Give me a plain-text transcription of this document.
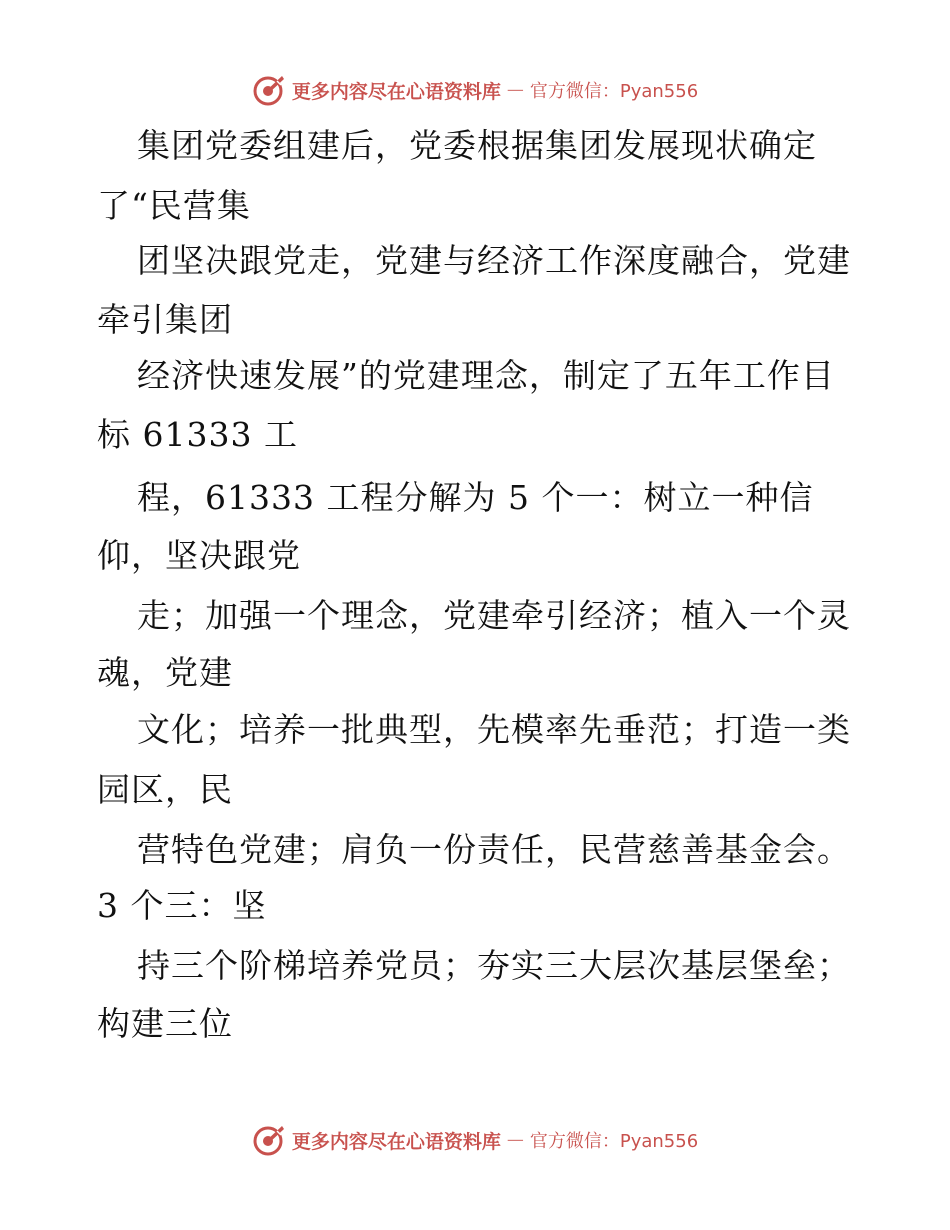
更多内容尽在心语资料库 — 官方微信：Pyan556
集团党委组建后，党委根据集团发展现状确定
了“民营集
团坚决跟党走，党建与经济工作深度融合，党建
牵引集团
经济快速发展”的党建理念，制定了五年工作目
标 61333 工
程，61333 工程分解为 5 个一：树立一种信
仰，坚决跟党
走；加强一个理念，党建牵引经济；植入一个灵
魂，党建
文化；培养一批典型，先模率先垂范；打造一类
园区，民
营特色党建；肩负一份责任，民营慈善基金会。
3 个三：坚
持三个阶梯培养党员；夯实三大层次基层堡垒；
构建三位
更多内容尽在心语资料库 — 官方微信：Pyan556
